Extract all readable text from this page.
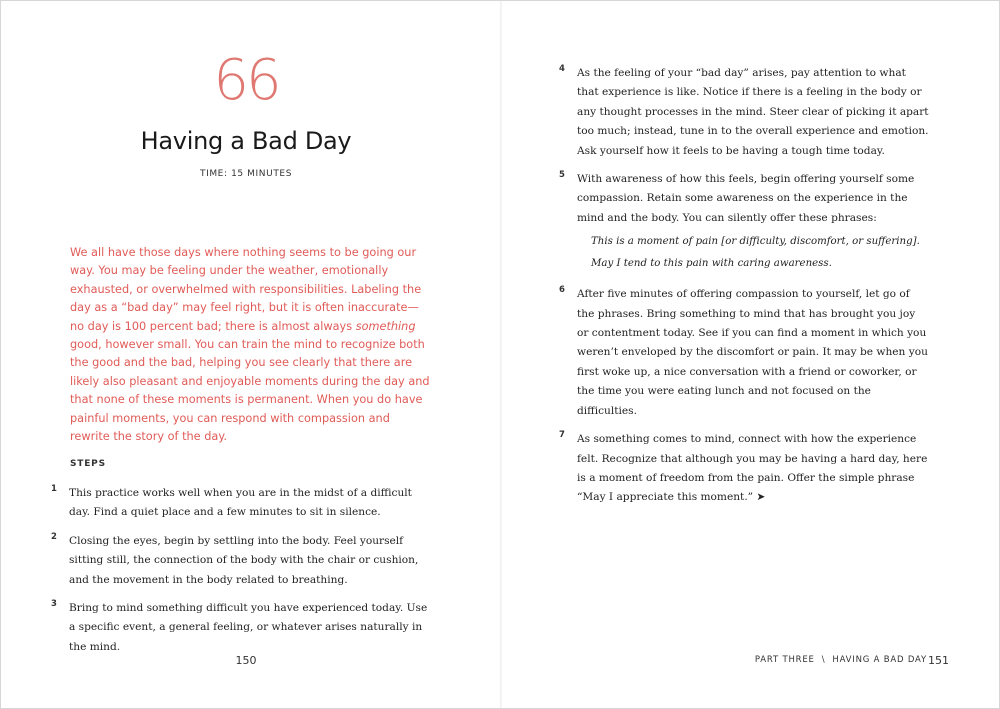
66
Having a Bad Day
TIME: 15 MINUTES

We all have those days where nothing seems to be going our way. You may be feeling under the weather, emotionally exhausted, or overwhelmed with responsibilities. Labeling the day as a “bad day” may feel right, but it is often inaccurate—no day is 100 percent bad; there is almost always something good, however small. You can train the mind to recognize both the good and the bad, helping you see clearly that there are likely also pleasant and enjoyable moments during the day and that none of these moments is permanent. When you do have painful moments, you can respond with compassion and rewrite the story of the day.

STEPS
1 This practice works well when you are in the midst of a difficult day. Find a quiet place and a few minutes to sit in silence.
2 Closing the eyes, begin by settling into the body. Feel yourself sitting still, the connection of the body with the chair or cushion, and the movement in the body related to breathing.
3 Bring to mind something difficult you have experienced today. Use a specific event, a general feeling, or whatever arises naturally in the mind.
150
4 As the feeling of your “bad day” arises, pay attention to what that experience is like. Notice if there is a feeling in the body or any thought processes in the mind. Steer clear of picking it apart too much; instead, tune in to the overall experience and emotion. Ask yourself how it feels to be having a tough time today.
5 With awareness of how this feels, begin offering yourself some compassion. Retain some awareness on the experience in the mind and the body. You can silently offer these phrases:
This is a moment of pain [or difficulty, discomfort, or suffering].
May I tend to this pain with caring awareness.
6 After five minutes of offering compassion to yourself, let go of the phrases. Bring something to mind that has brought you joy or contentment today. See if you can find a moment in which you weren’t enveloped by the discomfort or pain. It may be when you first woke up, a nice conversation with a friend or coworker, or the time you were eating lunch and not focused on the difficulties.
7 As something comes to mind, connect with how the experience felt. Recognize that although you may be having a hard day, here is a moment of freedom from the pain. Offer the simple phrase “May I appreciate this moment.” ➤
PART THREE \ HAVING A BAD DAY 151
